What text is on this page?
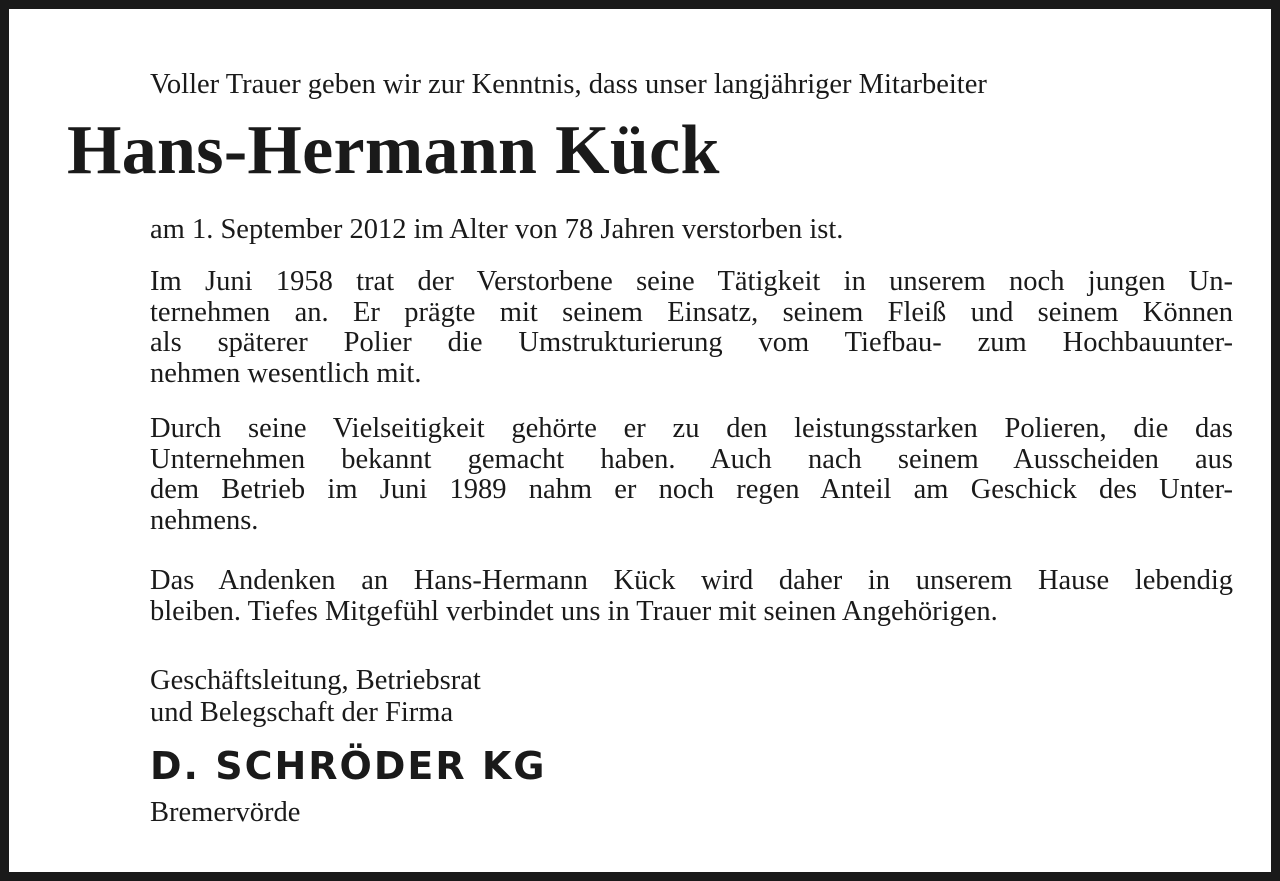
Voller Trauer geben wir zur Kenntnis, dass unser langjähriger Mitarbeiter
Hans-Hermann Kück
am 1. September 2012 im Alter von 78 Jahren verstorben ist.
Im Juni 1958 trat der Verstorbene seine Tätigkeit in unserem noch jungen Un-
ternehmen an. Er prägte mit seinem Einsatz, seinem Fleiß und seinem Können
als späterer Polier die Umstrukturierung vom Tiefbau- zum Hochbauunter-
nehmen wesentlich mit.
Durch seine Vielseitigkeit gehörte er zu den leistungsstarken Polieren, die das
Unternehmen bekannt gemacht haben. Auch nach seinem Ausscheiden aus
dem Betrieb im Juni 1989 nahm er noch regen Anteil am Geschick des Unter-
nehmens.
Das Andenken an Hans-Hermann Kück wird daher in unserem Hause lebendig
bleiben. Tiefes Mitgefühl verbindet uns in Trauer mit seinen Angehörigen.
Geschäftsleitung, Betriebsrat
und Belegschaft der Firma
D. SCHRÖDER KG
Bremervörde
